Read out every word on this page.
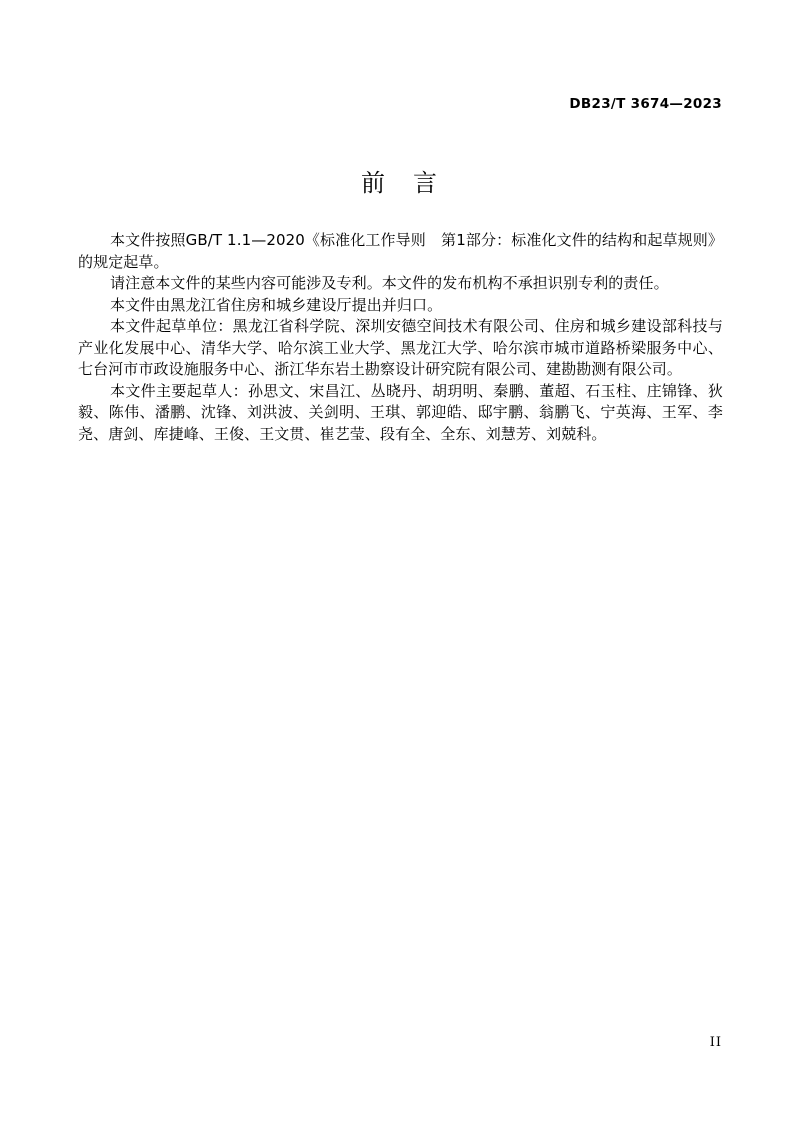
DB23/T 3674—2023
前 言

本文件按照GB/T 1.1—2020《标准化工作导则　第1部分：标准化文件的结构和起草规则》的规定起草。

请注意本文件的某些内容可能涉及专利。本文件的发布机构不承担识别专利的责任。

本文件由黑龙江省住房和城乡建设厅提出并归口。

本文件起草单位：黑龙江省科学院、深圳安德空间技术有限公司、住房和城乡建设部科技与产业化发展中心、清华大学、哈尔滨工业大学、黑龙江大学、哈尔滨市城市道路桥梁服务中心、七台河市市政设施服务中心、浙江华东岩土勘察设计研究院有限公司、建勘勘测有限公司。

本文件主要起草人：孙思文、宋昌江、丛晓丹、胡玥明、秦鹏、董超、石玉柱、庄锦锋、狄毅、陈伟、潘鹏、沈锋、刘洪波、关剑明、王琪、郭迎皓、邸宇鹏、翁鹏飞、宁英海、王军、李尧、唐剑、库捷峰、王俊、王文贯、崔艺莹、段有全、全东、刘慧芳、刘兢科。

II
